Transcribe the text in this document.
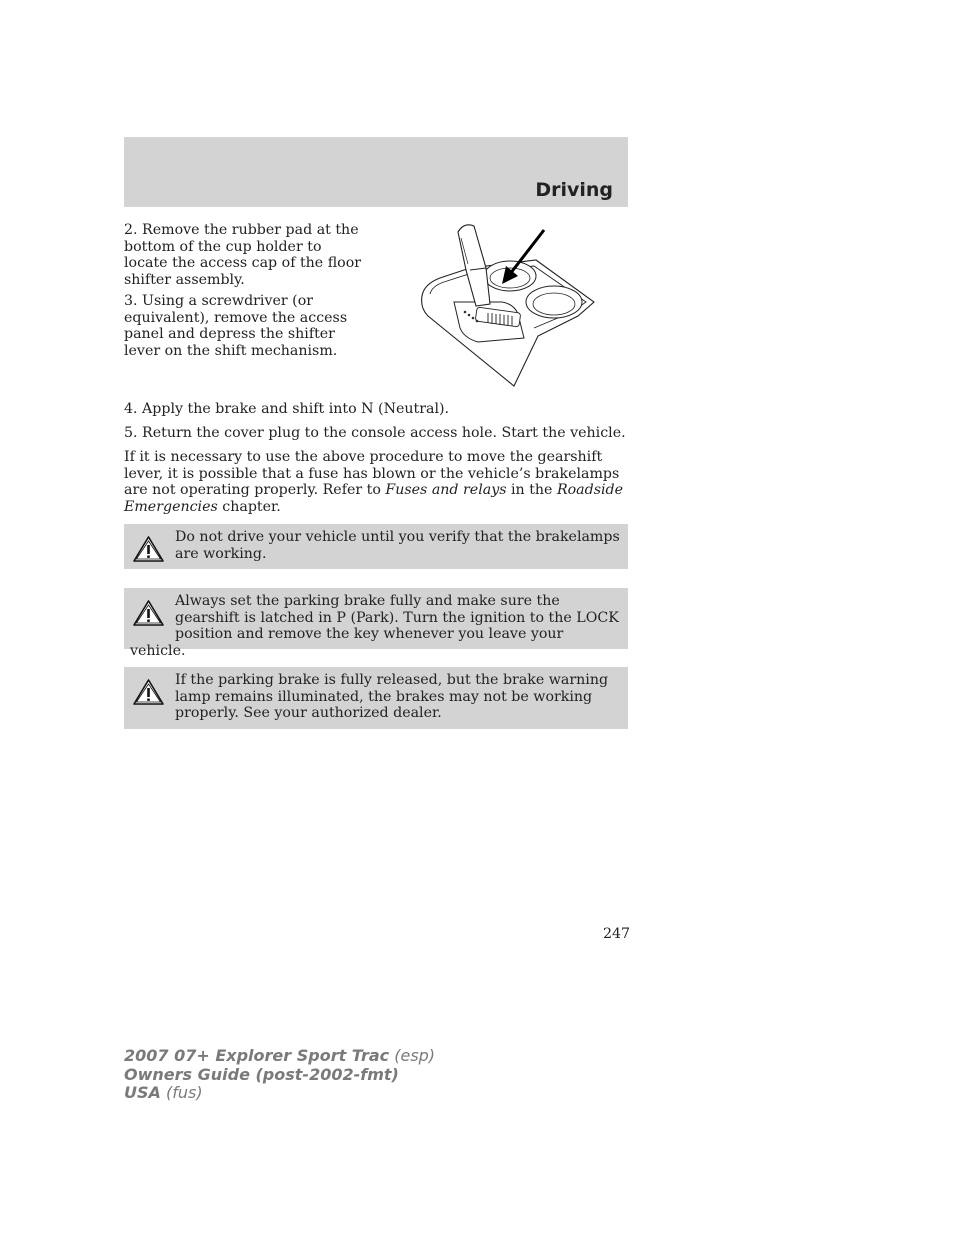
Driving

2. Remove the rubber pad at the bottom of the cup holder to locate the access cap of the floor shifter assembly.

3. Using a screwdriver (or equivalent), remove the access panel and depress the shifter lever on the shift mechanism.

4. Apply the brake and shift into N (Neutral).

5. Return the cover plug to the console access hole. Start the vehicle.

If it is necessary to use the above procedure to move the gearshift lever, it is possible that a fuse has blown or the vehicle’s brakelamps are not operating properly. Refer to Fuses and relays in the Roadside Emergencies chapter.

Do not drive your vehicle until you verify that the brakelamps are working.

Always set the parking brake fully and make sure the gearshift is latched in P (Park). Turn the ignition to the LOCK position and remove the key whenever you leave your vehicle.

If the parking brake is fully released, but the brake warning lamp remains illuminated, the brakes may not be working properly. See your authorized dealer.

247
2007 07+ Explorer Sport Trac (esp)
Owners Guide (post-2002-fmt)
USA (fus)
